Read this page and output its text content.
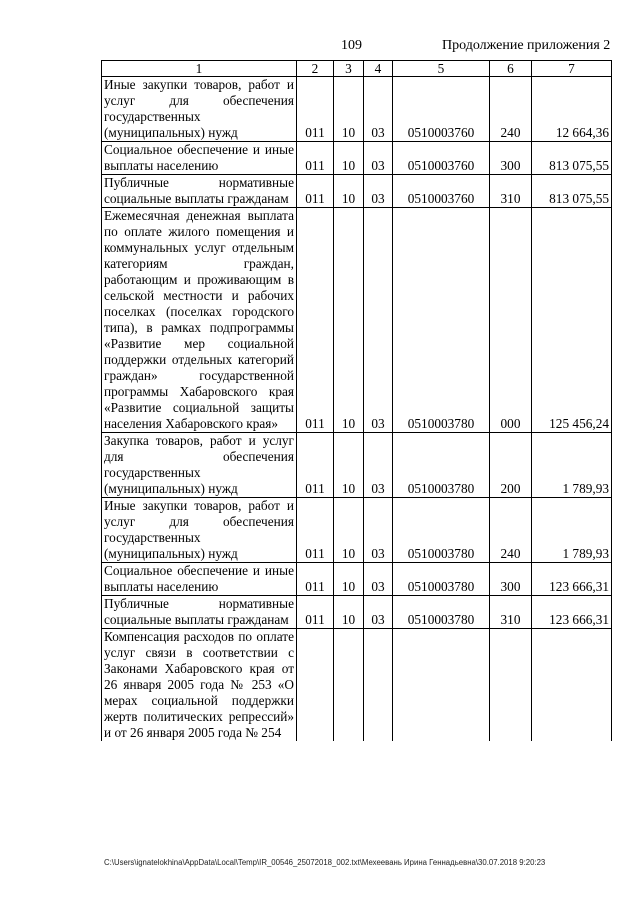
109	Продолжение приложения 2
1	2	3	4	5	6	7
Иные закупки товаров, работ и услуг для обеспечения государственных (муниципальных) нужд	011	10	03	0510003760	240	12 664,36
Социальное обеспечение и иные выплаты населению	011	10	03	0510003760	300	813 075,55
Публичные нормативные социальные выплаты гражданам	011	10	03	0510003760	310	813 075,55
Ежемесячная денежная выплата по оплате жилого помещения и коммунальных услуг отдельным категориям граждан, работающим и проживающим в сельской местности и рабочих поселках (поселках городского типа), в рамках подпрограммы «Развитие мер социальной поддержки отдельных категорий граждан» государственной программы Хабаровского края «Развитие социальной защиты населения Хабаровского края»	011	10	03	0510003780	000	125 456,24
Закупка товаров, работ и услуг для обеспечения государственных (муниципальных) нужд	011	10	03	0510003780	200	1 789,93
Иные закупки товаров, работ и услуг для обеспечения государственных (муниципальных) нужд	011	10	03	0510003780	240	1 789,93
Социальное обеспечение и иные выплаты населению	011	10	03	0510003780	300	123 666,31
Публичные нормативные социальные выплаты гражданам	011	10	03	0510003780	310	123 666,31
Компенсация расходов по оплате услуг связи в соответствии с Законами Хабаровского края от 26 января 2005 года № 253 «О мерах социальной поддержки жертв политических репрессий» и от 26 января 2005 года № 254						
C:\Users\ignatelokhina\AppData\Local\Temp\IR_00546_25072018_002.txt\Мехеевань Ирина Геннадьевна\30.07.2018 9:20:23
